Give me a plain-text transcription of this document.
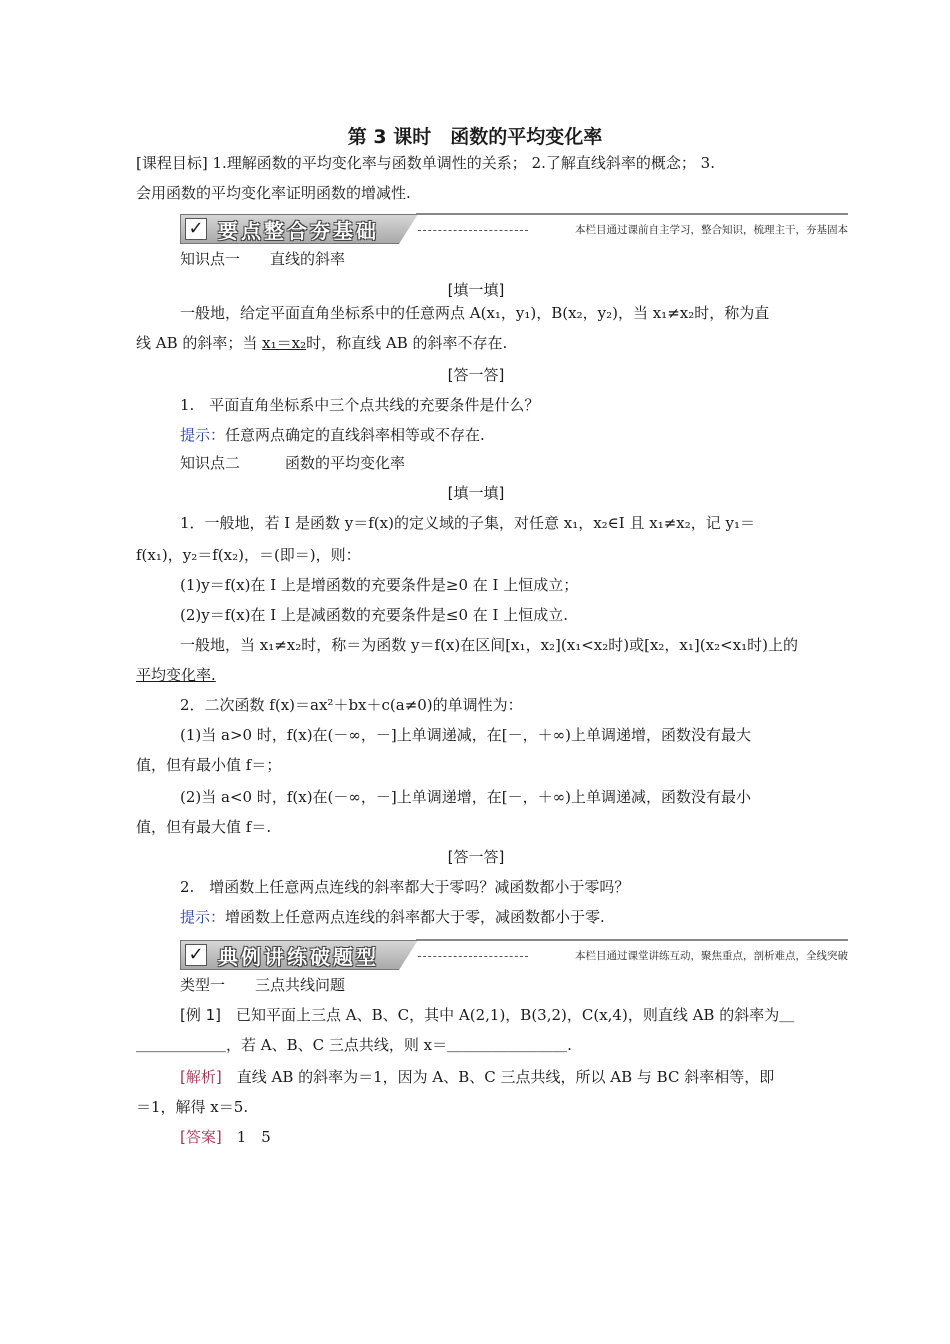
第 3 课时　函数的平均变化率
[课程目标] 1.理解函数的平均变化率与函数单调性的关系； 2.了解直线斜率的概念； 3.
会用函数的平均变化率证明函数的增减性.
✓ 要点整合夯基础	本栏目通过课前自主学习，整合知识，梳理主干，夯基固本
知识点一　　直线的斜率
[填一填]
一般地，给定平面直角坐标系中的任意两点 A(x₁，y₁)，B(x₂，y₂)，当 x₁≠x₂时，称为直
线 AB 的斜率；当 x₁＝x₂时，称直线 AB 的斜率不存在.
[答一答]
1.　平面直角坐标系中三个点共线的充要条件是什么？
提示：任意两点确定的直线斜率相等或不存在.
知识点二　　　函数的平均变化率
[填一填]
1．一般地，若 I 是函数 y＝f(x)的定义域的子集，对任意 x₁，x₂∈I 且 x₁≠x₂，记 y₁＝
f(x₁)，y₂＝f(x₂)，＝(即＝)，则：
(1)y＝f(x)在 I 上是增函数的充要条件是≥0 在 I 上恒成立；
(2)y＝f(x)在 I 上是减函数的充要条件是≤0 在 I 上恒成立.
一般地，当 x₁≠x₂时，称＝为函数 y＝f(x)在区间[x₁，x₂](x₁<x₂时)或[x₂，x₁](x₂<x₁时)上的
平均变化率.
2．二次函数 f(x)＝ax²＋bx＋c(a≠0)的单调性为：
(1)当 a>0 时，f(x)在(－∞，－]上单调递减，在[－，＋∞)上单调递增，函数没有最大
值，但有最小值 f＝；
(2)当 a<0 时，f(x)在(－∞，－]上单调递增，在[－，＋∞)上单调递减，函数没有最小
值，但有最大值 f＝.
[答一答]
2.　增函数上任意两点连线的斜率都大于零吗？减函数都小于零吗？
提示：增函数上任意两点连线的斜率都大于零，减函数都小于零.
✓ 典例讲练破题型	本栏目通过课堂讲练互动，聚焦重点，剖析难点，全线突破
类型一　　三点共线问题
[例 1]　已知平面上三点 A、B、C，其中 A(2,1)，B(3,2)，C(x,4)，则直线 AB 的斜率为＿
＿＿＿＿＿＿，若 A、B、C 三点共线，则 x＝＿＿＿＿＿＿＿＿.
[解析]　直线 AB 的斜率为＝1，因为 A、B、C 三点共线，所以 AB 与 BC 斜率相等，即
＝1，解得 x＝5.
[答案]　1　5
